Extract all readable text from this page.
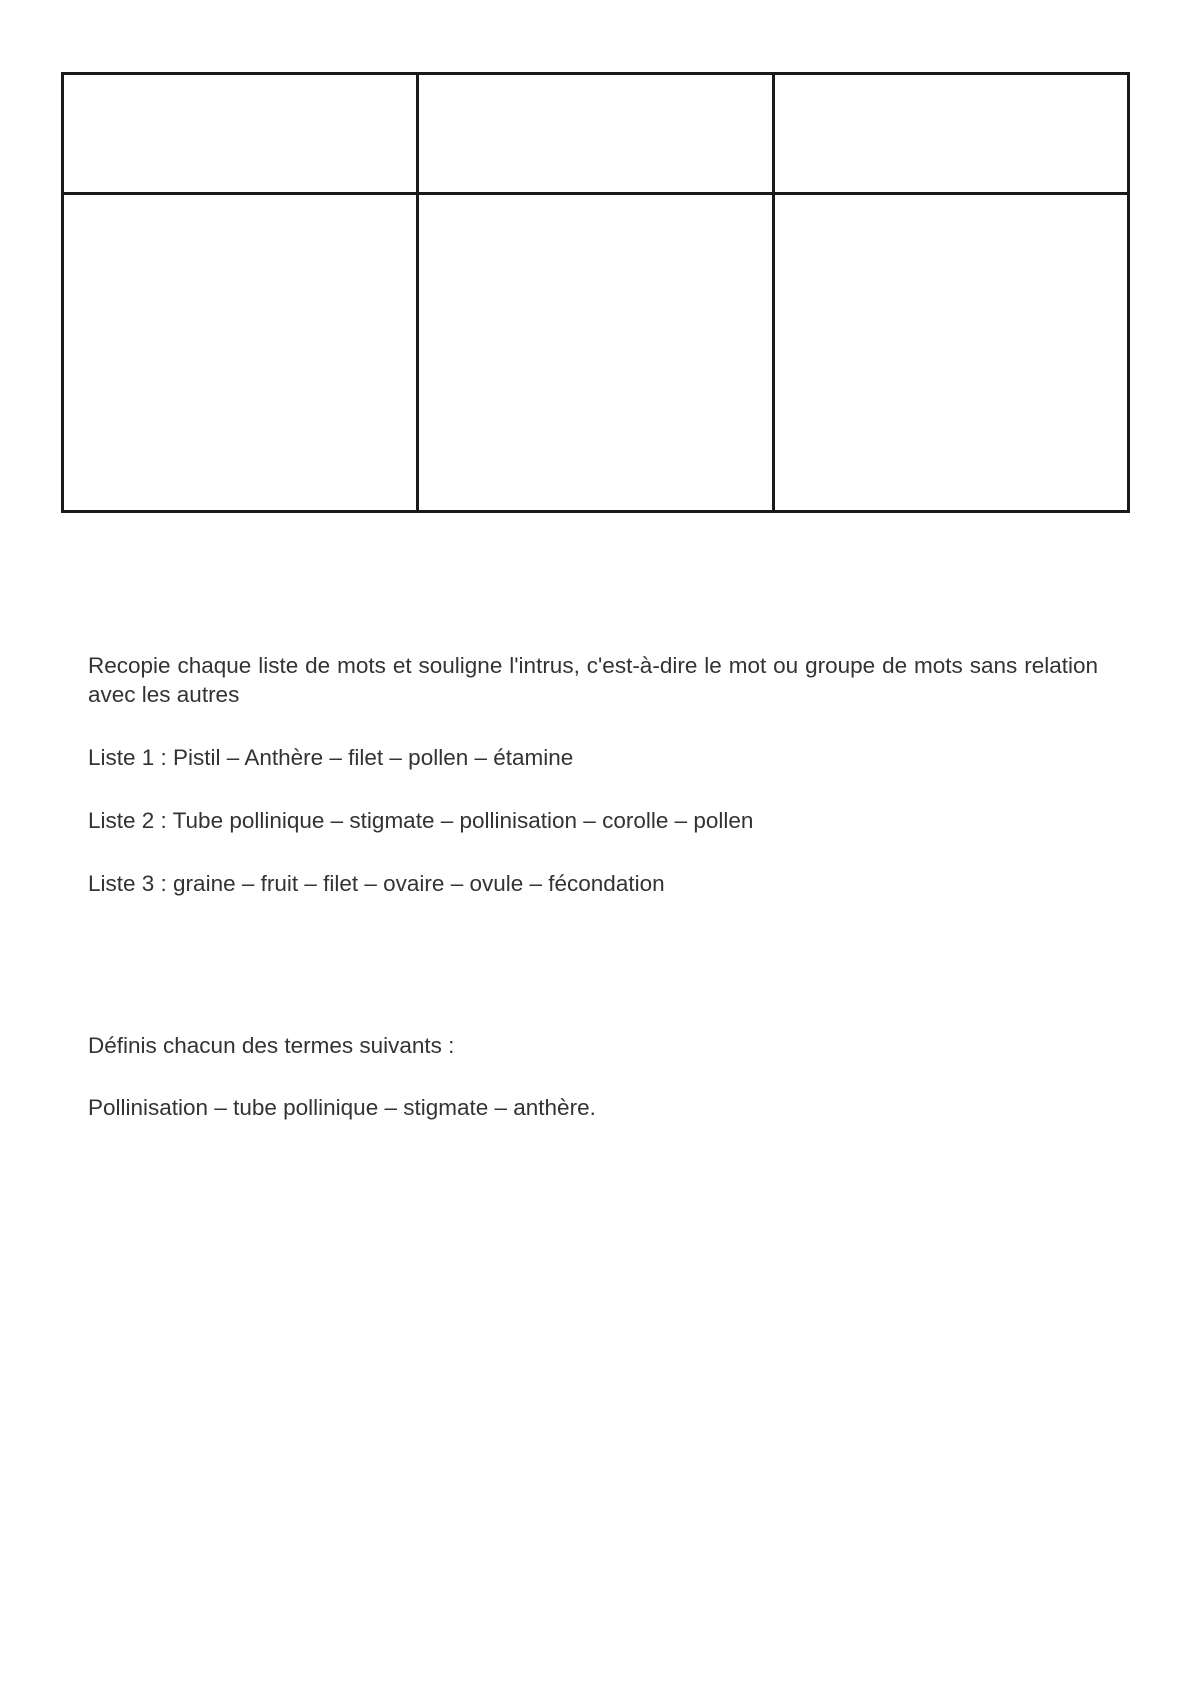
Recopie chaque liste de mots et souligne l'intrus, c'est-à-dire le mot ou groupe de mots sans relation avec les autres

Liste 1 : Pistil – Anthère – filet – pollen – étamine

Liste 2 : Tube pollinique – stigmate – pollinisation – corolle – pollen

Liste 3 : graine – fruit – filet – ovaire – ovule – fécondation

Définis chacun des termes suivants :

Pollinisation – tube pollinique – stigmate – anthère.
